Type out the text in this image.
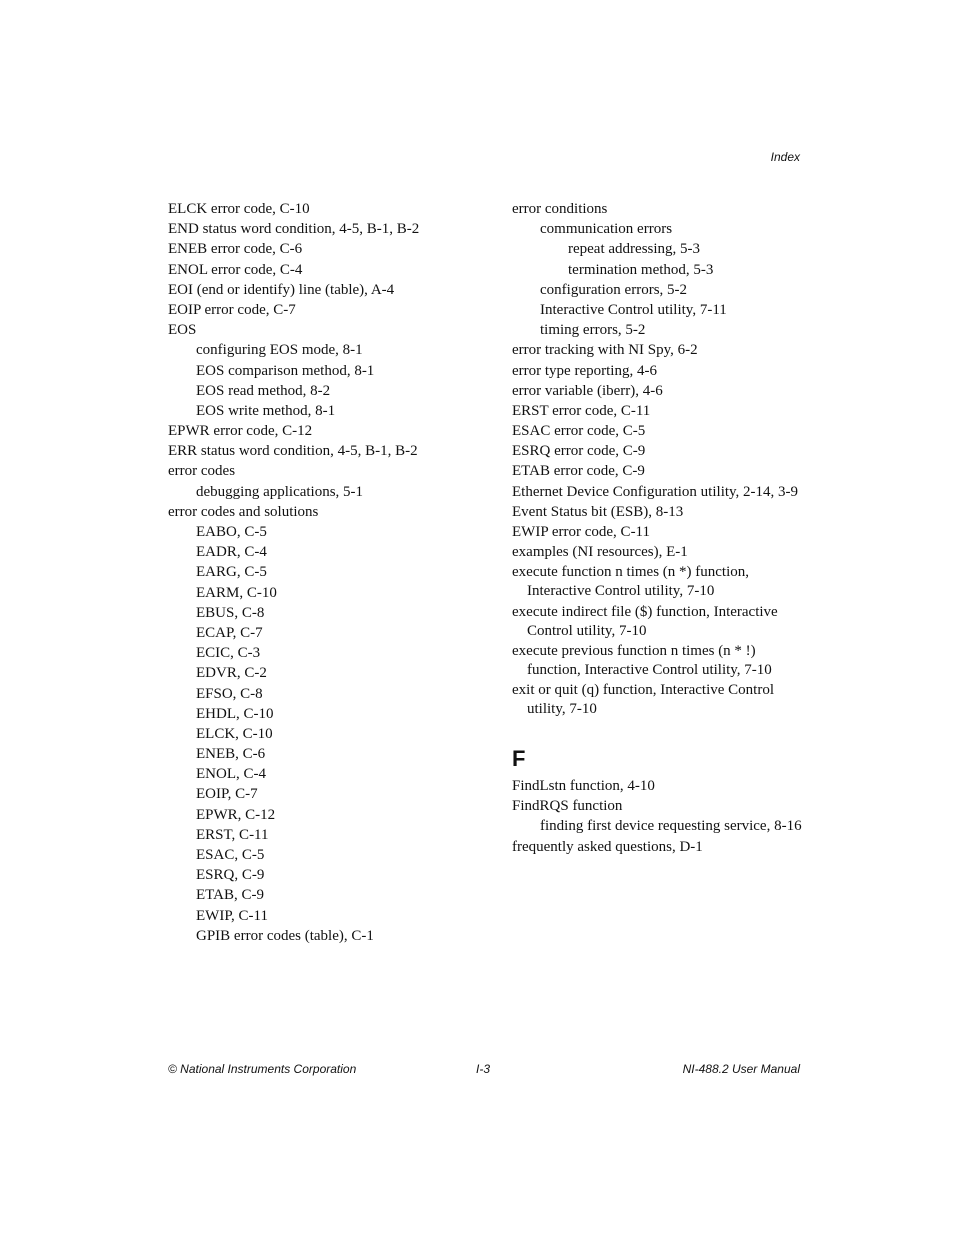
Index
ELCK error code, C-10
END status word condition, 4-5, B-1, B-2
ENEB error code, C-6
ENOL error code, C-4
EOI (end or identify) line (table), A-4
EOIP error code, C-7
EOS
configuring EOS mode, 8-1
EOS comparison method, 8-1
EOS read method, 8-2
EOS write method, 8-1
EPWR error code, C-12
ERR status word condition, 4-5, B-1, B-2
error codes
debugging applications, 5-1
error codes and solutions
EABO, C-5
EADR, C-4
EARG, C-5
EARM, C-10
EBUS, C-8
ECAP, C-7
ECIC, C-3
EDVR, C-2
EFSO, C-8
EHDL, C-10
ELCK, C-10
ENEB, C-6
ENOL, C-4
EOIP, C-7
EPWR, C-12
ERST, C-11
ESAC, C-5
ESRQ, C-9
ETAB, C-9
EWIP, C-11
GPIB error codes (table), C-1
error conditions
communication errors
repeat addressing, 5-3
termination method, 5-3
configuration errors, 5-2
Interactive Control utility, 7-11
timing errors, 5-2
error tracking with NI Spy, 6-2
error type reporting, 4-6
error variable (iberr), 4-6
ERST error code, C-11
ESAC error code, C-5
ESRQ error code, C-9
ETAB error code, C-9
Ethernet Device Configuration utility, 2-14, 3-9
Event Status bit (ESB), 8-13
EWIP error code, C-11
examples (NI resources), E-1
execute function n times (n *) function, Interactive Control utility, 7-10
execute indirect file ($) function, Interactive Control utility, 7-10
execute previous function n times (n * !) function, Interactive Control utility, 7-10
exit or quit (q) function, Interactive Control utility, 7-10
F
FindLstn function, 4-10
FindRQS function
finding first device requesting service, 8-16
frequently asked questions, D-1
© National Instruments Corporation	I-3	NI-488.2 User Manual
